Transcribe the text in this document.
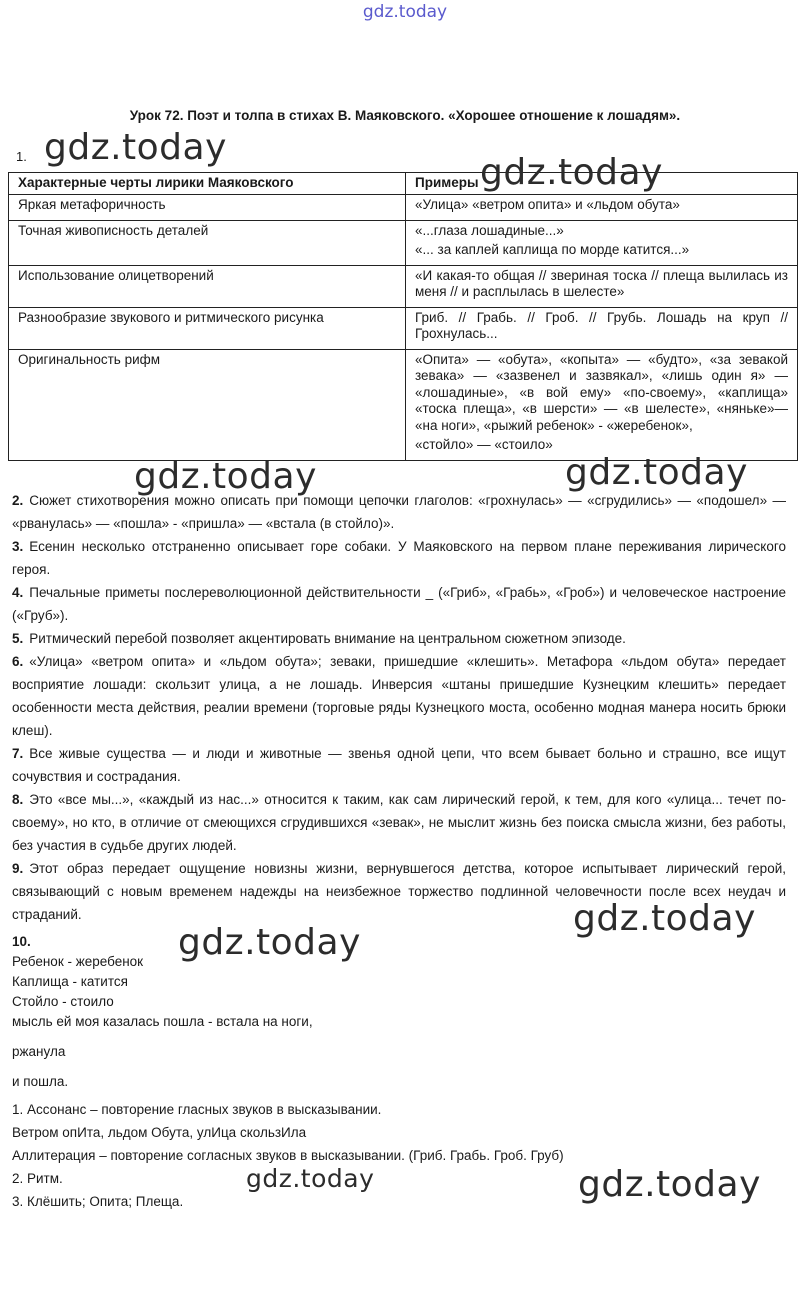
gdz.today
Урок 72. Поэт и толпа в стихах В. Маяковского. «Хорошее отношение к лошадям».
1.
Характерные черты лирики Маяковского	Примеры
Яркая метафоричность	«Улица» «ветром опита» и «льдом обута»

Точная живописность деталей	«...глаза лошадиные...»

«... за каплей каплища по морде катится...»

Использование олицетворений	«И какая-то общая // звериная тоска // плеща вылилась из меня // и расплылась в шелесте»

Разнообразие звукового и ритмического рисунка	Гриб. // Грабь. // Гроб. // Грубь. Лошадь на круп // Грохнулась...

Оригинальность рифм	«Опита» — «обута», «копыта» — «будто», «за зевакой зевака» — «зазвенел и зазвякал», «лишь один я» — «лошадиные», «в вой ему» «по-своему», «каплища» «тоска плеща», «в шерсти» — «в шелесте», «няньке»— «на ноги», «рыжий ребенок» - «жеребенок»,

«стойло» — «стоило»

2. Сюжет стихотворения можно описать при помощи цепочки глаголов: «грохнулась» — «сгрудились» — «подошел» — «рванулась» — «пошла» - «пришла» — «встала (в стойло)».

3. Есенин несколько отстраненно описывает горе собаки. У Маяковского на первом плане переживания лирического героя.

4. Печальные приметы послереволюционной действительности _ («Гриб», «Грабь», «Гроб») и человеческое настроение («Груб»).

5. Ритмический перебой позволяет акцентировать внимание на центральном сюжетном эпизоде.

6. «Улица» «ветром опита» и «льдом обута»; зеваки, пришедшие «клешить». Метафора «льдом обута» передает восприятие лошади: скользит улица, а не лошадь. Инверсия «штаны пришедшие Кузнецким клешить» передает особенности места действия, реалии времени (торговые ряды Кузнецкого моста, особенно модная манера носить брюки клеш).

7. Все живые существа — и люди и животные — звенья одной цепи, что всем бывает больно и страшно, все ищут сочувствия и сострадания.

8. Это «все мы...», «каждый из нас...» относится к таким, как сам лирический герой, к тем, для кого «улица... течет по-своему», но кто, в отличие от смеющихся сгрудившихся «зевак», не мыслит жизнь без поиска смысла жизни, без работы, без участия в судьбе других людей.

9. Этот образ передает ощущение новизны жизни, вернувшегося детства, которое испытывает лирический герой, связывающий с новым временем надежды на неизбежное торжество подлинной человечности после всех неудач и страданий.

10.

Ребенок - жеребенок

Каплища - катится

Стойло - стоило

мысль ей моя казалась пошла - встала на ноги,

ржанула

и пошла.

1. Ассонанс – повторение гласных звуков в высказывании.

Ветром опИта, льдом Обута, улИца скользИла

Аллитерация – повторение согласных звуков в высказывании. (Гриб. Грабь. Гроб. Груб)

2. Ритм.

3. Клёшить; Опита; Плеща.

gdz.today
gdz.today
gdz.today	gdz.today
gdz.today
gdz.today
gdz.today	gdz.today
